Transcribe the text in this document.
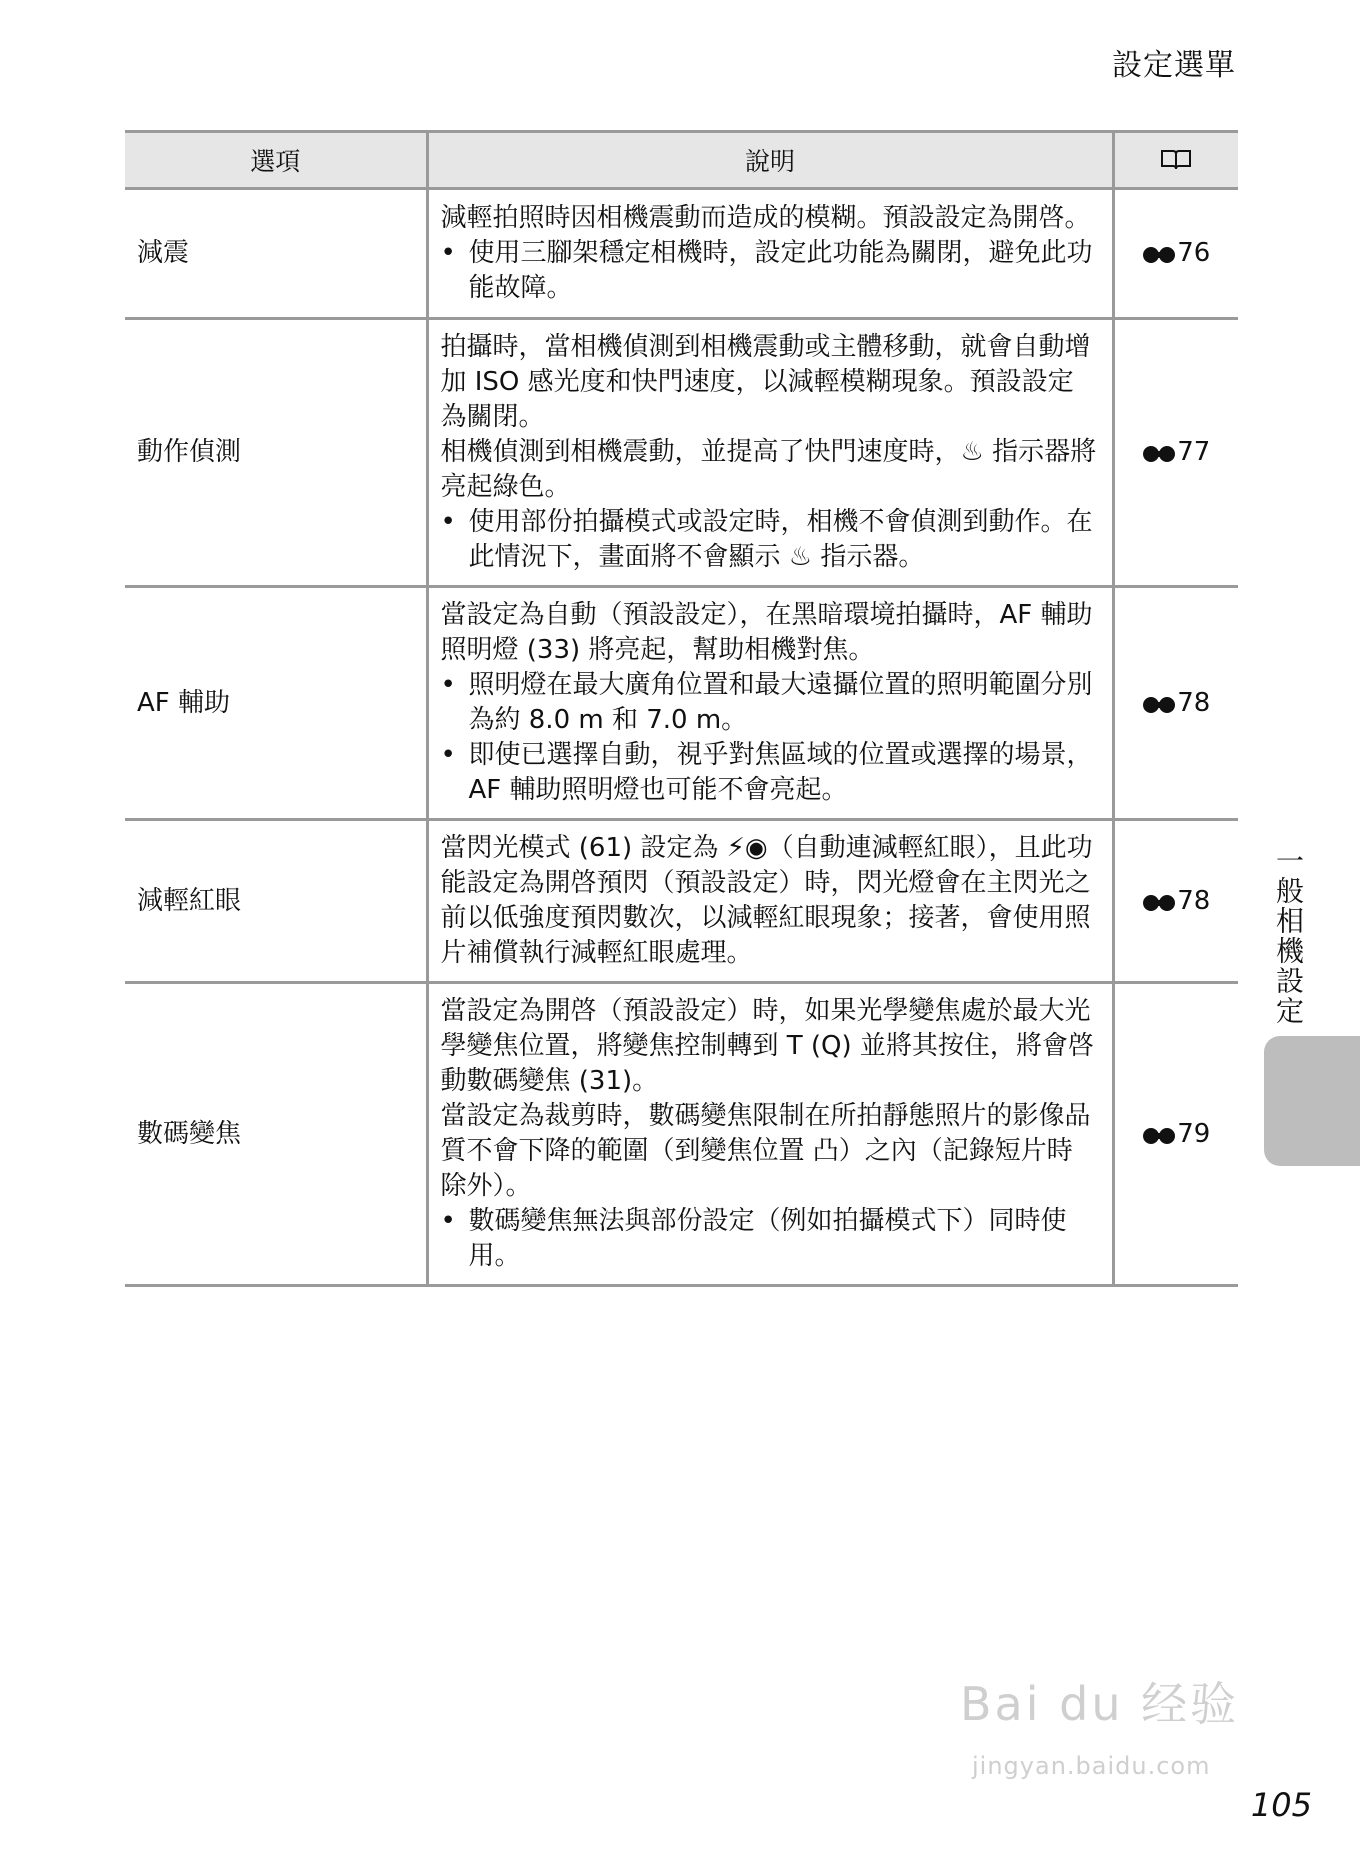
設定選單
選項	說明	
減震	減輕拍照時因相機震動而造成的模糊。預設設定為開啓。
• 使用三腳架穩定相機時，設定此功能為關閉，避免此功能故障。	76
動作偵測	拍攝時，當相機偵測到相機震動或主體移動，就會自動增加 ISO 感光度和快門速度，以減輕模糊現象。預設設定為關閉。
相機偵測到相機震動，並提高了快門速度時，♨ 指示器將亮起綠色。
• 使用部份拍攝模式或設定時，相機不會偵測到動作。在此情況下，畫面將不會顯示 ♨ 指示器。	77
AF 輔助	當設定為自動（預設設定），在黑暗環境拍攝時，AF 輔助照明燈 (33) 將亮起，幫助相機對焦。
• 照明燈在最大廣角位置和最大遠攝位置的照明範圍分別為約 8.0 m 和 7.0 m。
• 即使已選擇自動，視乎對焦區域的位置或選擇的場景，AF 輔助照明燈也可能不會亮起。	78
減輕紅眼	當閃光模式 (61) 設定為 ⚡◉（自動連減輕紅眼），且此功能設定為開啓預閃（預設設定）時，閃光燈會在主閃光之前以低強度預閃數次，以減輕紅眼現象；接著，會使用照片補償執行減輕紅眼處理。	78
數碼變焦	當設定為開啓（預設設定）時，如果光學變焦處於最大光學變焦位置，將變焦控制轉到 T (Q) 並將其按住，將會啓動數碼變焦 (31)。
當設定為裁剪時，數碼變焦限制在所拍靜態照片的影像品質不會下降的範圍（到變焦位置 凸）之內（記錄短片時除外）。
• 數碼變焦無法與部份設定（例如拍攝模式下）同時使用。	79
一般相機設定
Bai du 经验
jingyan.baidu.com
105
